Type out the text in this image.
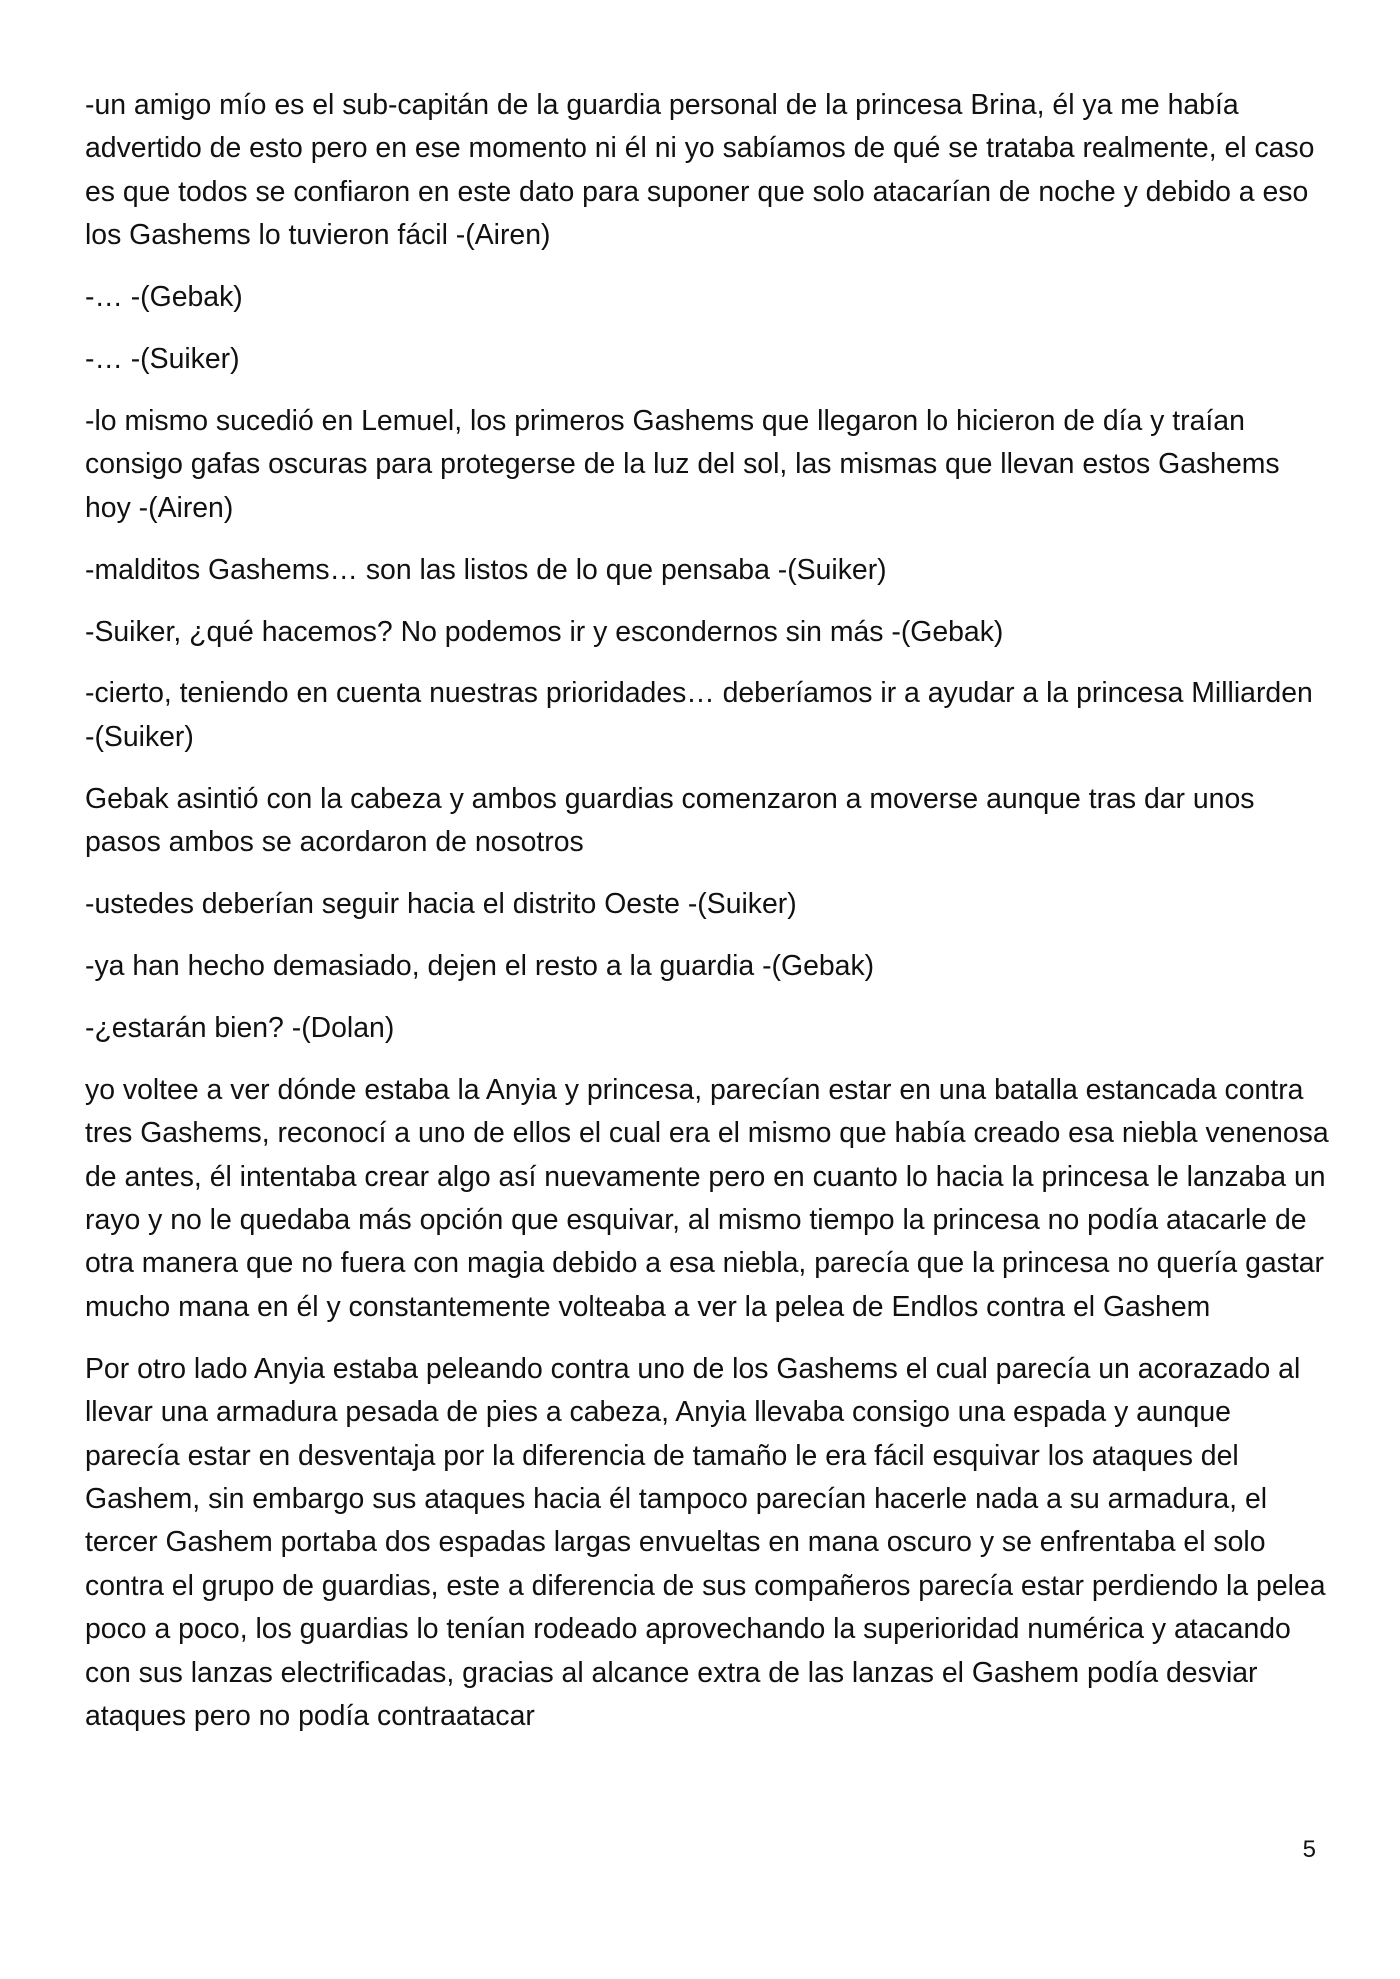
-un amigo mío es el sub-capitán de la guardia personal de la princesa Brina, él ya me había advertido de esto pero en ese momento ni él ni yo sabíamos de qué se trataba realmente, el caso es que todos se confiaron en este dato para suponer que solo atacarían de noche y debido a eso los Gashems lo tuvieron fácil -(Airen)

-… -(Gebak)

-… -(Suiker)

-lo mismo sucedió en Lemuel, los primeros Gashems que llegaron lo hicieron de día y traían consigo gafas oscuras para protegerse de la luz del sol, las mismas que llevan estos Gashems hoy -(Airen)

-malditos Gashems… son las listos de lo que pensaba -(Suiker)

-Suiker, ¿qué hacemos? No podemos ir y escondernos sin más -(Gebak)

-cierto, teniendo en cuenta nuestras prioridades… deberíamos ir a ayudar a la princesa Milliarden -(Suiker)

Gebak asintió con la cabeza y ambos guardias comenzaron a moverse aunque tras dar unos pasos ambos se acordaron de nosotros

-ustedes deberían seguir hacia el distrito Oeste -(Suiker)

-ya han hecho demasiado, dejen el resto a la guardia -(Gebak)

-¿estarán bien? -(Dolan)

yo voltee a ver dónde estaba la Anyia y princesa, parecían estar en una batalla estancada contra tres Gashems, reconocí a uno de ellos el cual era el mismo que había creado esa niebla venenosa de antes, él intentaba crear algo así nuevamente pero en cuanto lo hacia la princesa le lanzaba un rayo y no le quedaba más opción que esquivar, al mismo tiempo la princesa no podía atacarle de otra manera que no fuera con magia debido a esa niebla, parecía que la princesa no quería gastar mucho mana en él y constantemente volteaba a ver la pelea de Endlos contra el Gashem

Por otro lado Anyia estaba peleando contra uno de los Gashems el cual parecía un acorazado al llevar una armadura pesada de pies a cabeza, Anyia llevaba consigo una espada y aunque parecía estar en desventaja por la diferencia de tamaño le era fácil esquivar los ataques del Gashem, sin embargo sus ataques hacia él tampoco parecían hacerle nada a su armadura, el tercer Gashem portaba dos espadas largas envueltas en mana oscuro y se enfrentaba el solo contra el grupo de guardias, este a diferencia de sus compañeros parecía estar perdiendo la pelea poco a poco, los guardias lo tenían rodeado aprovechando la superioridad numérica y atacando con sus lanzas electrificadas, gracias al alcance extra de las lanzas el Gashem podía desviar ataques pero no podía contraatacar

5
